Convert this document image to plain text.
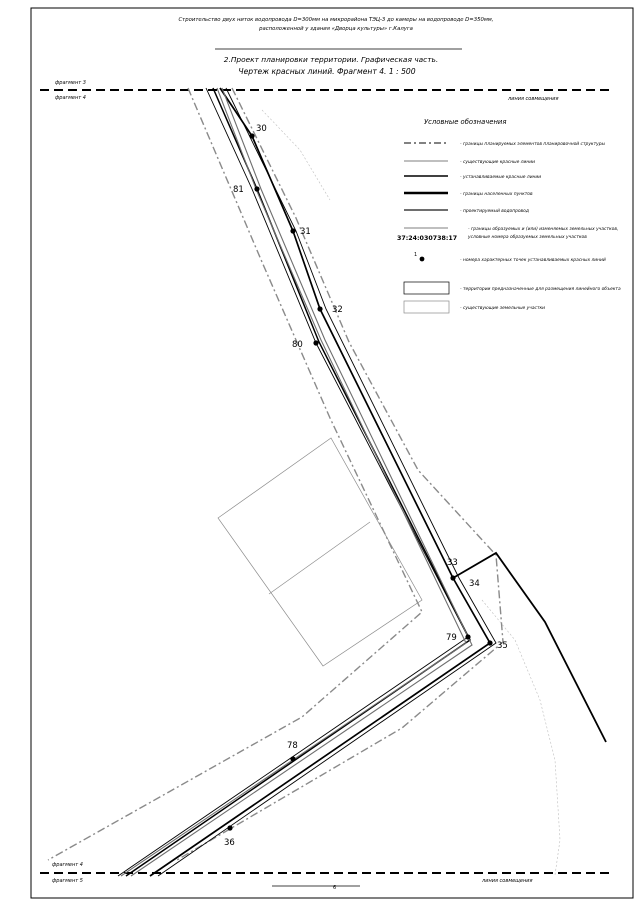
Строительство двух ниток водопровода D=300мм на микрорайона ТЭЦ-3 до камеры на водопроводе D=350мм,
расположенной у здания «Дворца культуры» г.Калуга
2.Проект планировки территории. Графическая часть.
Чертеж красных линий. Фрагмент 4. 1 : 500
фрагмент 3
фрагмент 4	линия совмещения
фрагмент 4
фрагмент 5	линия совмещения
30
81
31
32
80
33
34
79
35
78
36
Условные обозначения
- границы планируемых элементов планировочной структуры
- существующие красные линии
- устанавливаемые красные линии
- границы населенных пунктов
- проектируемый водопровод
37:24:030738:17
- границы образуемых и (или) изменяемых земельных участков,
условные номера образуемых земельных участков
1
- номера характерных точек устанавливаемых красных линий
- территории предназначенные для размещения линейного объекта
- существующие земельные участки
6
